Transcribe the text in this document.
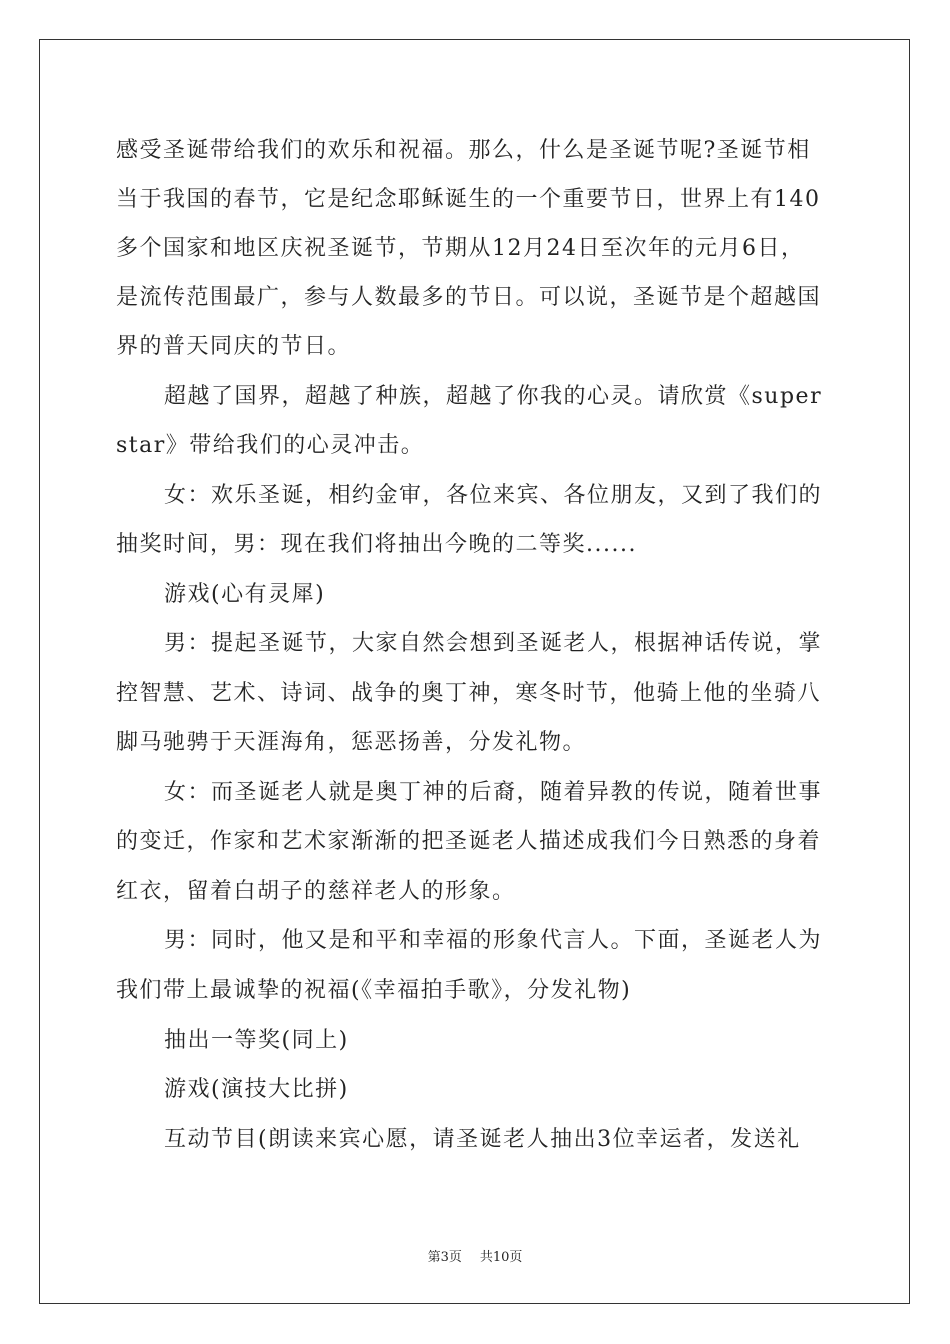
感受圣诞带给我们的欢乐和祝福。那么，什么是圣诞节呢?圣诞节相
当于我国的春节，它是纪念耶稣诞生的一个重要节日，世界上有140
多个国家和地区庆祝圣诞节，节期从12月24日至次年的元月6日，
是流传范围最广，参与人数最多的节日。可以说，圣诞节是个超越国
界的普天同庆的节日。
超越了国界，超越了种族，超越了你我的心灵。请欣赏《super
star》带给我们的心灵冲击。
女：欢乐圣诞，相约金审，各位来宾、各位朋友，又到了我们的
抽奖时间，男：现在我们将抽出今晚的二等奖......
游戏(心有灵犀)
男：提起圣诞节，大家自然会想到圣诞老人，根据神话传说，掌
控智慧、艺术、诗词、战争的奥丁神，寒冬时节，他骑上他的坐骑八
脚马驰骋于天涯海角，惩恶扬善，分发礼物。
女：而圣诞老人就是奥丁神的后裔，随着异教的传说，随着世事
的变迁，作家和艺术家渐渐的把圣诞老人描述成我们今日熟悉的身着
红衣，留着白胡子的慈祥老人的形象。
男：同时，他又是和平和幸福的形象代言人。下面，圣诞老人为
我们带上最诚挚的祝福(《幸福拍手歌》，分发礼物)
抽出一等奖(同上)
游戏(演技大比拼)
互动节目(朗读来宾心愿，请圣诞老人抽出3位幸运者，发送礼
第3页 共10页
